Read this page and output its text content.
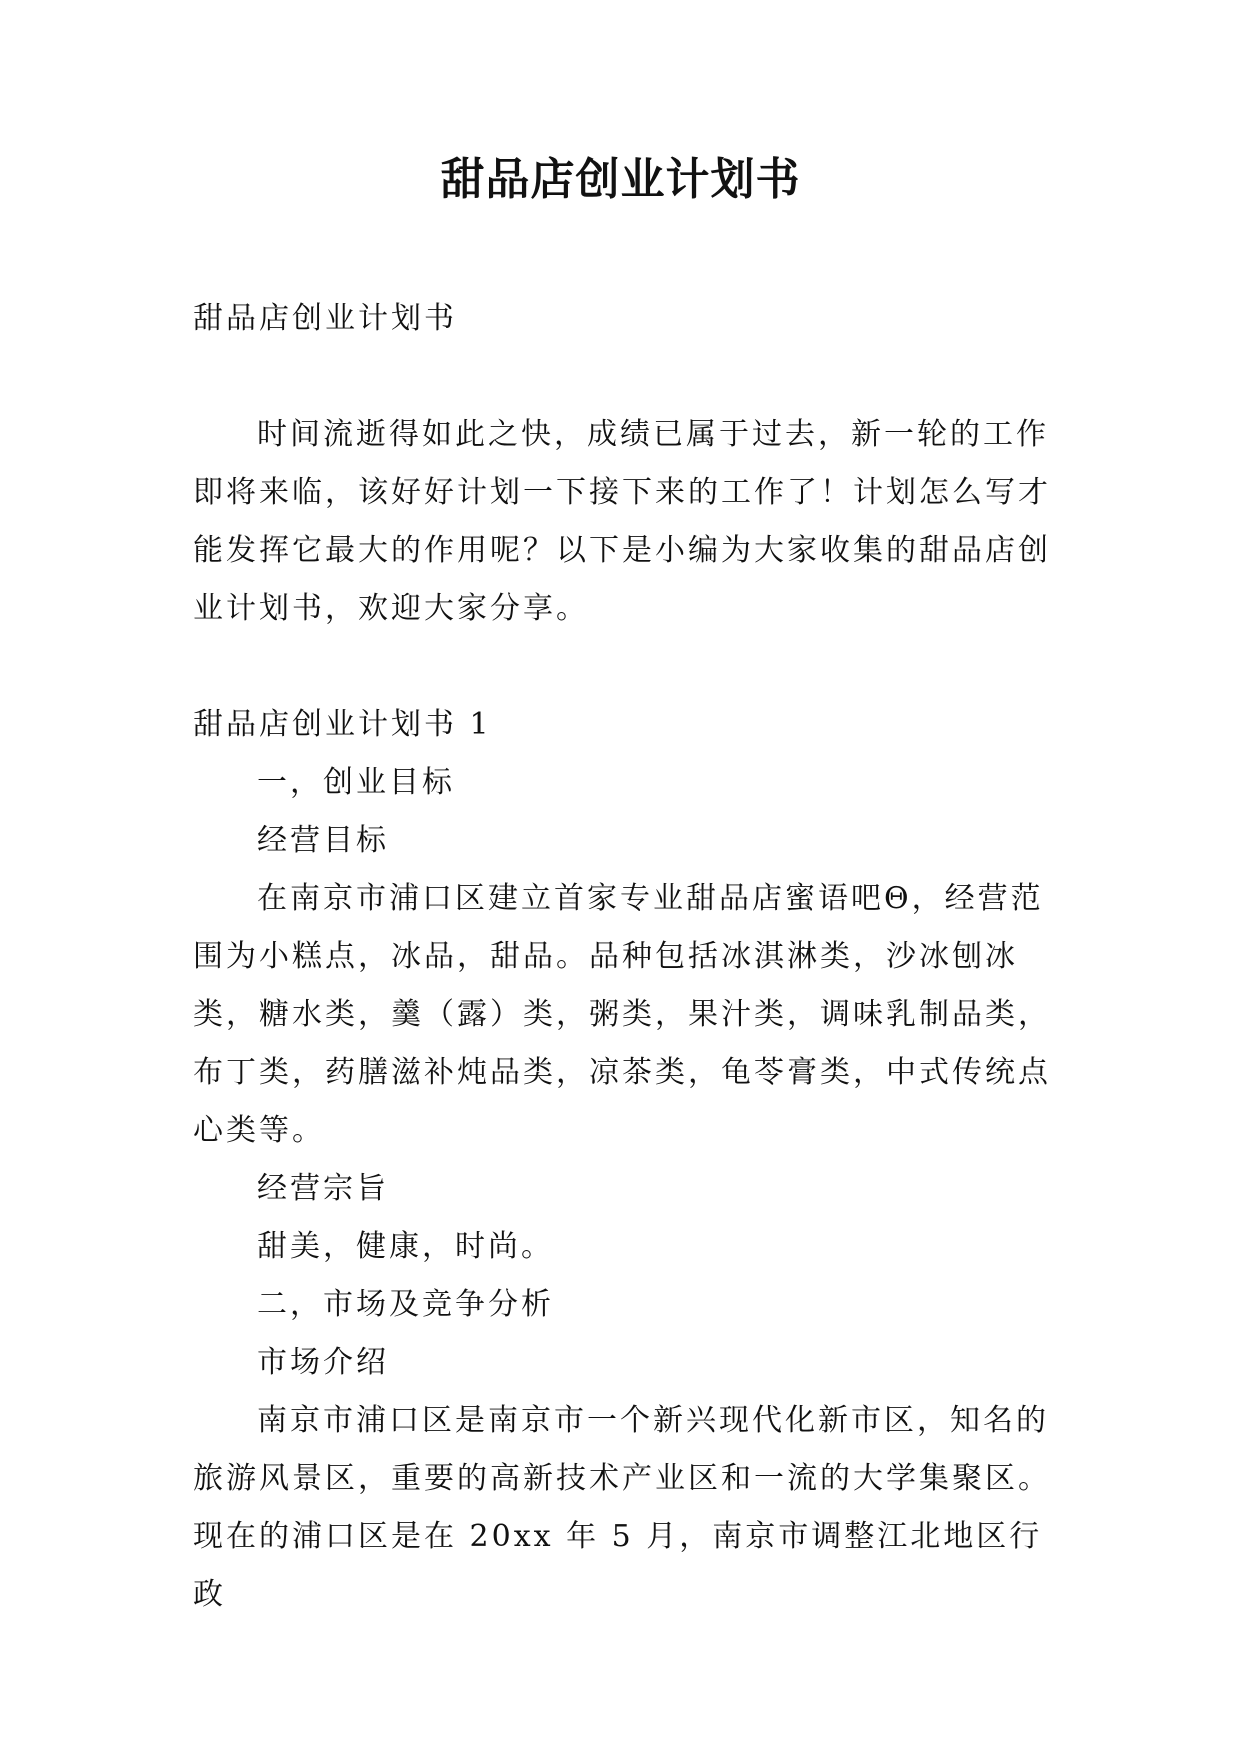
甜品店创业计划书

甜品店创业计划书

时间流逝得如此之快，成绩已属于过去，新一轮的工作即将来临，该好好计划一下接下来的工作了！计划怎么写才能发挥它最大的作用呢？以下是小编为大家收集的甜品店创业计划书，欢迎大家分享。

甜品店创业计划书 1

一，创业目标

经营目标

在南京市浦口区建立首家专业甜品店蜜语吧Θ，经营范围为小糕点，冰品，甜品。品种包括冰淇淋类，沙冰刨冰类，糖水类，羹（露）类，粥类，果汁类，调味乳制品类，布丁类，药膳滋补炖品类，凉茶类，龟苓膏类，中式传统点心类等。

经营宗旨

甜美，健康，时尚。

二，市场及竞争分析

市场介绍

南京市浦口区是南京市一个新兴现代化新市区，知名的旅游风景区，重要的高新技术产业区和一流的大学集聚区。现在的浦口区是在 20xx 年 5 月，南京市调整江北地区行政
